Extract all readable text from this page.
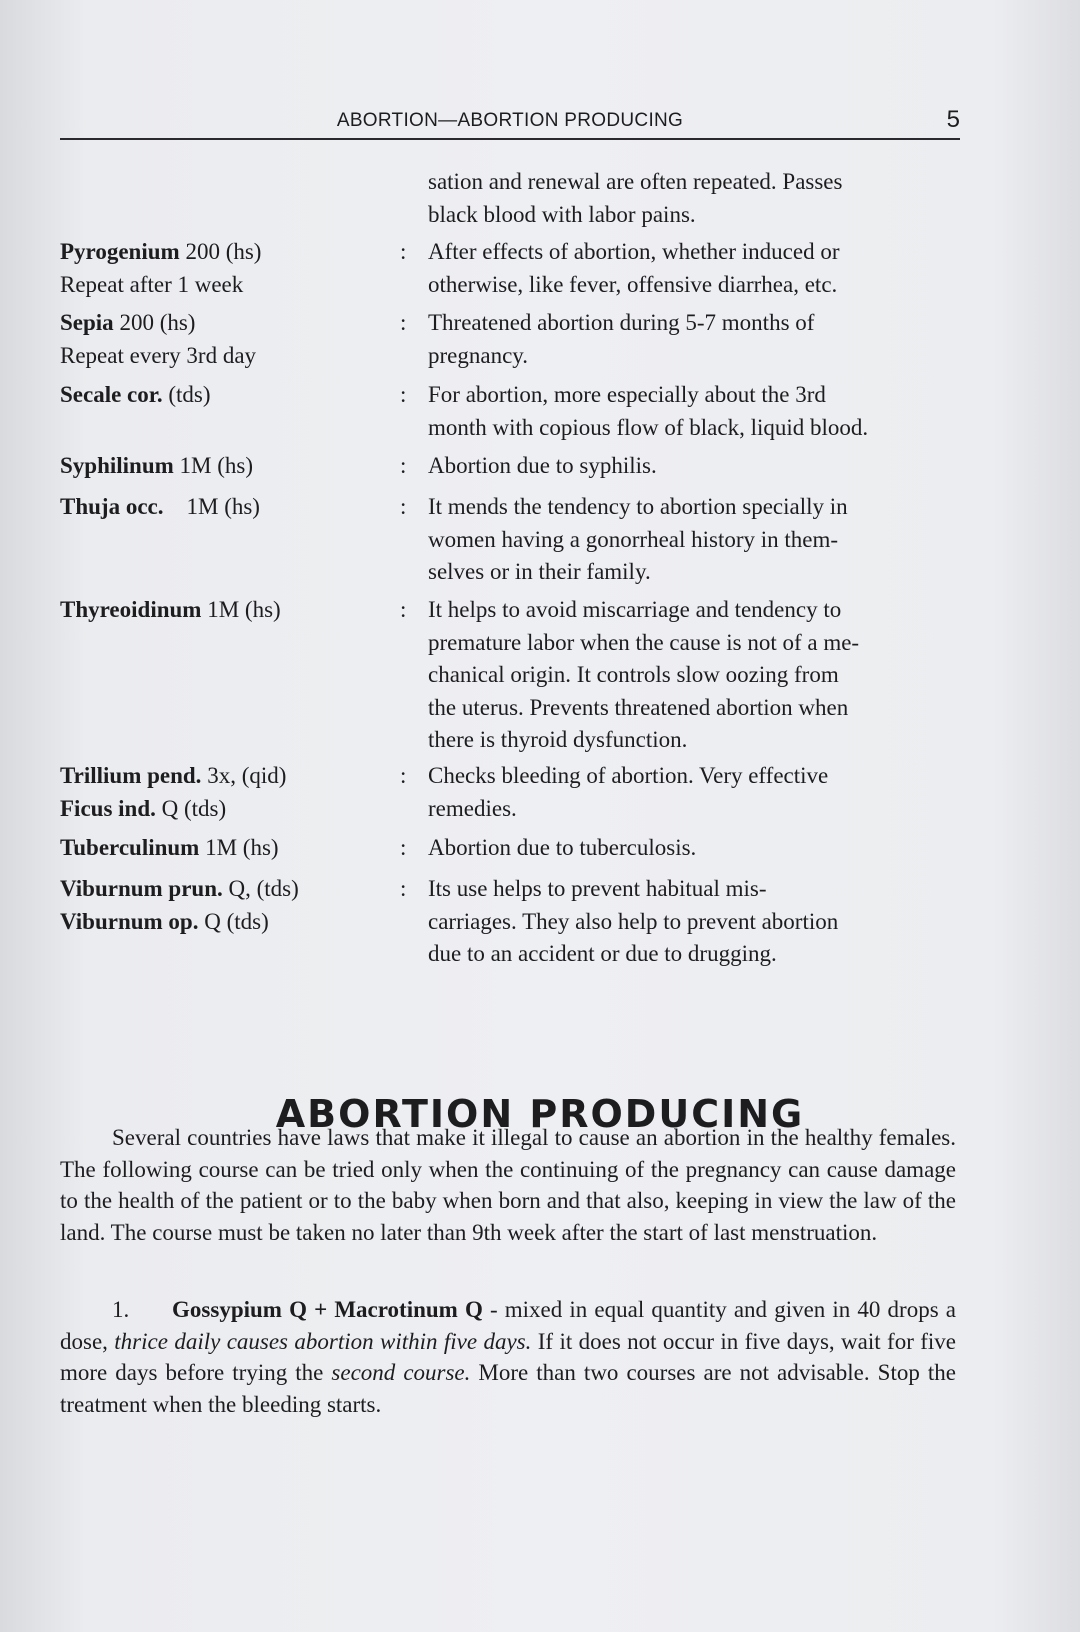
ABORTION—ABORTION PRODUCING	5
sation and renewal are often repeated. Passes
black blood with labor pains.
Pyrogenium 200 (hs)
Repeat after 1 week
: After effects of abortion, whether induced or
otherwise, like fever, offensive diarrhea, etc.
Sepia 200 (hs)
Repeat every 3rd day
: Threatened abortion during 5-7 months of
pregnancy.
Secale cor. (tds)	: For abortion, more especially about the 3rd
month with copious flow of black, liquid blood.
Syphilinum 1M (hs)	: Abortion due to syphilis.
Thuja occ.    1M (hs)	: It mends the tendency to abortion specially in
women having a gonorrheal history in them-
selves or in their family.
Thyreoidinum 1M (hs)	: It helps to avoid miscarriage and tendency to
premature labor when the cause is not of a me-
chanical origin. It controls slow oozing from
the uterus. Prevents threatened abortion when
there is thyroid dysfunction.
Trillium pend. 3x, (qid)
Ficus ind. Q (tds)
: Checks bleeding of abortion. Very effective
remedies.
Tuberculinum 1M (hs)	: Abortion due to tuberculosis.
Viburnum prun. Q, (tds)
Viburnum op. Q (tds)
: Its use helps to prevent habitual mis-
carriages. They also help to prevent abortion
due to an accident or due to drugging.
ABORTION PRODUCING

Several countries have laws that make it illegal to cause an abortion in the healthy females. The following course can be tried only when the continuing of the pregnancy can cause damage to the health of the patient or to the baby when born and that also, keeping in view the law of the land. The course must be taken no later than 9th week after the start of last menstruation.

1. Gossypium Q + Macrotinum Q - mixed in equal quantity and given in 40 drops a dose, thrice daily causes abortion within five days. If it does not occur in five days, wait for five more days before trying the second course. More than two courses are not advisable. Stop the treatment when the bleeding starts.
